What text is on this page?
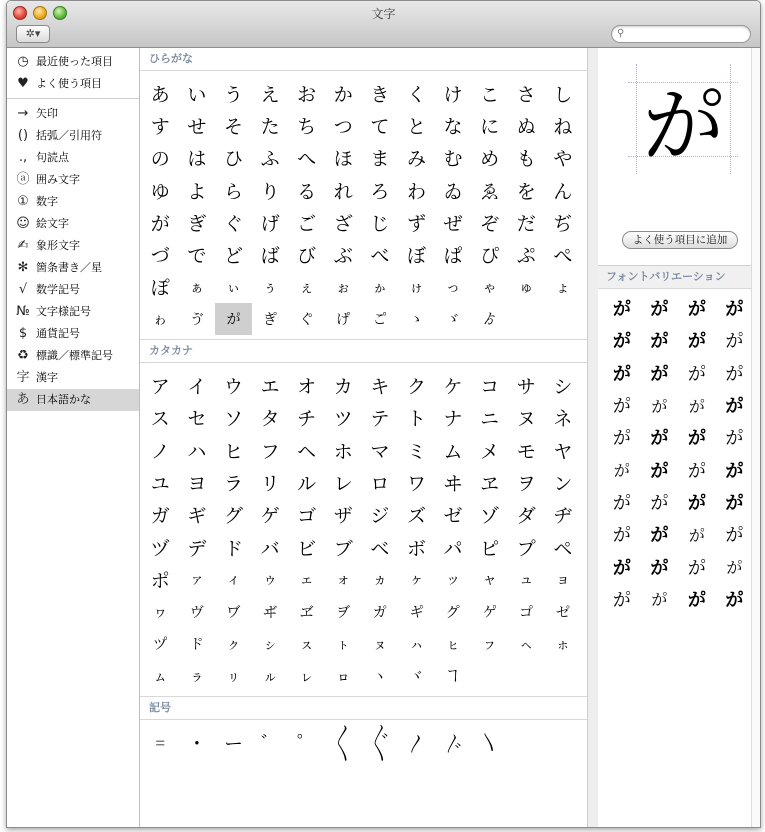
文字
✲▾	⚲
◷ 最近使った項目
♥ よく使う項目
→ 矢印
() 括弧／引用符
., 句読点
ⓐ 囲み文字
① 数字
☺ 絵文字
✍ 象形文字
✻ 箇条書き／星
√ 数学記号
№ 文字様記号
$ 通貨記号
♻ 標識／標準記号
字 漢字
あ 日本語かな
ひらがな
あ い う え お か き く け こ さ し
す せ そ た ち つ て と な に ぬ ね
の は ひ ふ へ ほ ま み む め も や
ゆ よ ら り る れ ろ わ ゐ ゑ を ん
が ぎ ぐ げ ご ざ じ ず ぜ ぞ だ ぢ
づ で ど ば び ぶ べ ぼ ぱ ぴ ぷ ぺ
ぽ	ぁ	ぃ	ぅ	ぇ	ぉ	ゕ	ゖ	っ	ゃ	ゅ	ょ
ゎ	ゔ	か゚	き゚	く゚	け゚	こ゚	ゝ	ゞ	ゟ
カタカナ
ア イ ウ エ オ カ キ ク ケ コ サ シ
ス セ ソ タ チ ツ テ ト ナ ニ ヌ ネ
ノ ハ ヒ フ ヘ ホ マ ミ ム メ モ ヤ
ユ ヨ ラ リ ル レ ロ ワ ヰ ヱ ヲ ン
ガ ギ グ ゲ ゴ ザ ジ ズ ゼ ゾ ダ ヂ
ヅ デ ド バ ビ ブ ベ ボ パ ピ プ ペ
ポ	ァ	ィ	ゥ	ェ	ォ	ヵ	ヶ	ッ	ャ	ュ	ョ
ヮ	ヴ	ヷ	ヸ	ヹ	ヺ	カ゚	キ゚	ク゚	ケ゚	コ゚	セ゚
ツ゚	ト゚	ㇰ	ㇱ	ㇲ	ㇳ	ㇴ	ㇵ	ㇶ	ㇷ	ㇸ	ㇹ
ㇺ	ㇻ	ㇼ	ㇽ	ㇾ	ㇿ	ヽ	ヾ	ヿ
記号
゠ ・ ー ゛ ゜ 〱 〲 〳 〴 〵
か゚
よく使う項目に追加
フォントバリエーション
か゚	か゚	か゚	か゚
か゚	か゚	か゚	か゚
か゚	か゚	か゚	か゚
か゚	か゚	か゚	か゚
か゚	か゚	か゚	か゚
か゚	か゚	か゚	か゚
か゚	か゚	か゚	か゚
か゚	か゚	か゚	か゚
か゚	か゚	か゚	か゚
か゚	か゚	か゚	か゚
